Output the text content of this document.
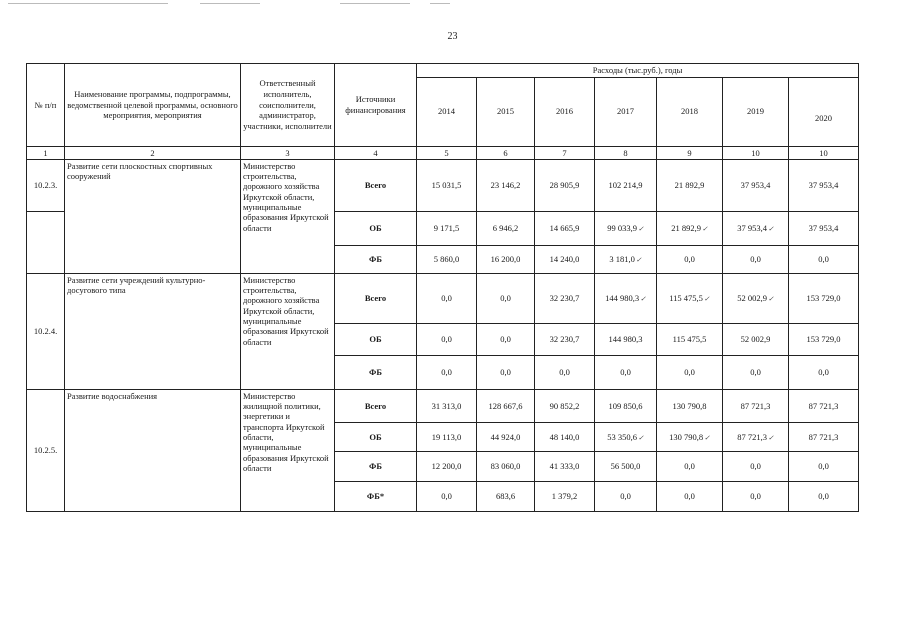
23
№ п/п	Наименование программы, подпрограммы, ведомственной целевой программы, основного мероприятия, мероприятия	Ответственный исполнитель, соисполнители, администратор, участники, исполнители	Источники финансирования	Расходы (тыс.руб.), годы						
				2014	2015	2016	2017	2018	2019	2020
1	2	3	4	5	6	7	8	9	10	10
10.2.3.	Развитие сети плоскостных спортивных сооружений	Министерство строительства, дорожного хозяйства Иркутской области, муниципальные образования Иркутской области	Всего	15 031,5	23 146,2	28 905,9	102 214,9	21 892,9	37 953,4	37 953,4
			ОБ	9 171,5	6 946,2	14 665,9	99 033,9✓	21 892,9✓	37 953,4✓	37 953,4
			ФБ	5 860,0	16 200,0	14 240,0	3 181,0✓	0,0	0,0	0,0
10.2.4.	Развитие сети учреждений культурно-досугового типа	Министерство строительства, дорожного хозяйства Иркутской области, муниципальные образования Иркутской области	Всего	0,0	0,0	32 230,7	144 980,3✓	115 475,5✓	52 002,9✓	153 729,0
			ОБ	0,0	0,0	32 230,7	144 980,3	115 475,5	52 002,9	153 729,0
			ФБ	0,0	0,0	0,0	0,0	0,0	0,0	0,0
10.2.5.	Развитие водоснабжения	Министерство жилищной политики, энергетики и транспорта Иркутской области, муниципальные образования Иркутской области	Всего	31 313,0	128 667,6	90 852,2	109 850,6	130 790,8	87 721,3	87 721,3
			ОБ	19 113,0	44 924,0	48 140,0	53 350,6✓	130 790,8✓	87 721,3✓	87 721,3
			ФБ	12 200,0	83 060,0	41 333,0	56 500,0	0,0	0,0	0,0
			ФБ*	0,0	683,6	1 379,2	0,0	0,0	0,0	0,0
